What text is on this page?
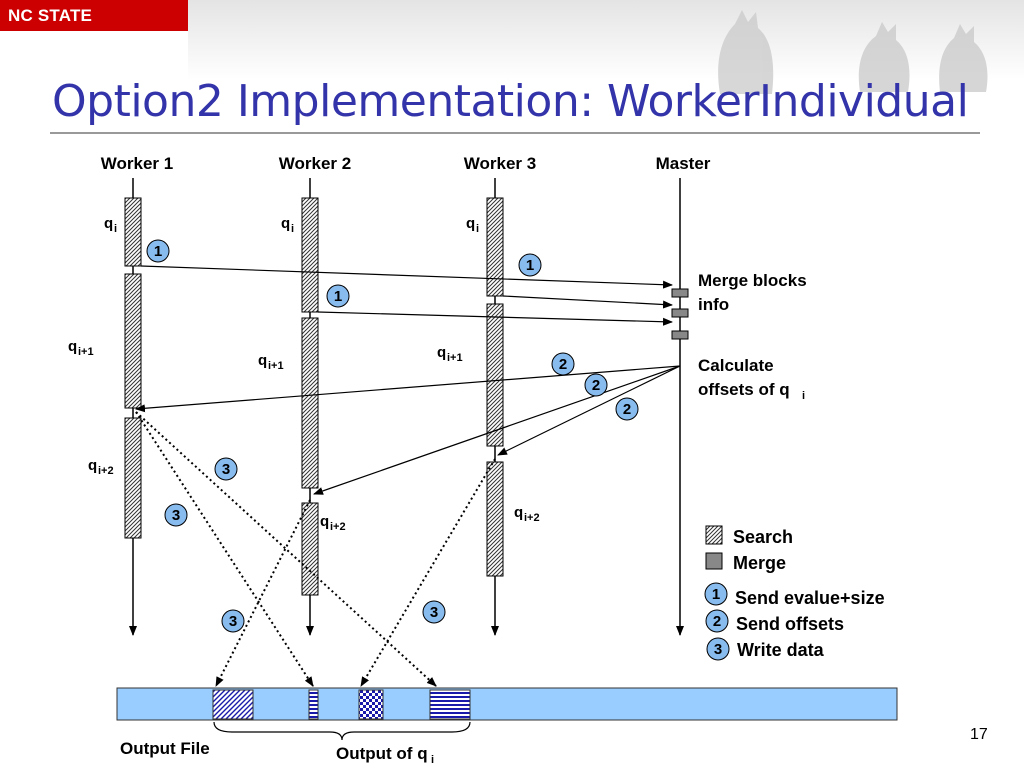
NC STATE UNIVERSITY
Option2 Implementation: WorkerIndividual
Worker 1	Worker 2	Worker 3	Master
q i	q i	q i
q i+1	q i+1
q i+1
q i+2
q i+2
q i+2
1
1
1
2
2
2
3
3
3
3
Merge blocks
info
Calculate
offsets of q i
Search
Merge
1 Send evalue+size
2 Send offsets
3 Write data
Output File	Output of q i
17
